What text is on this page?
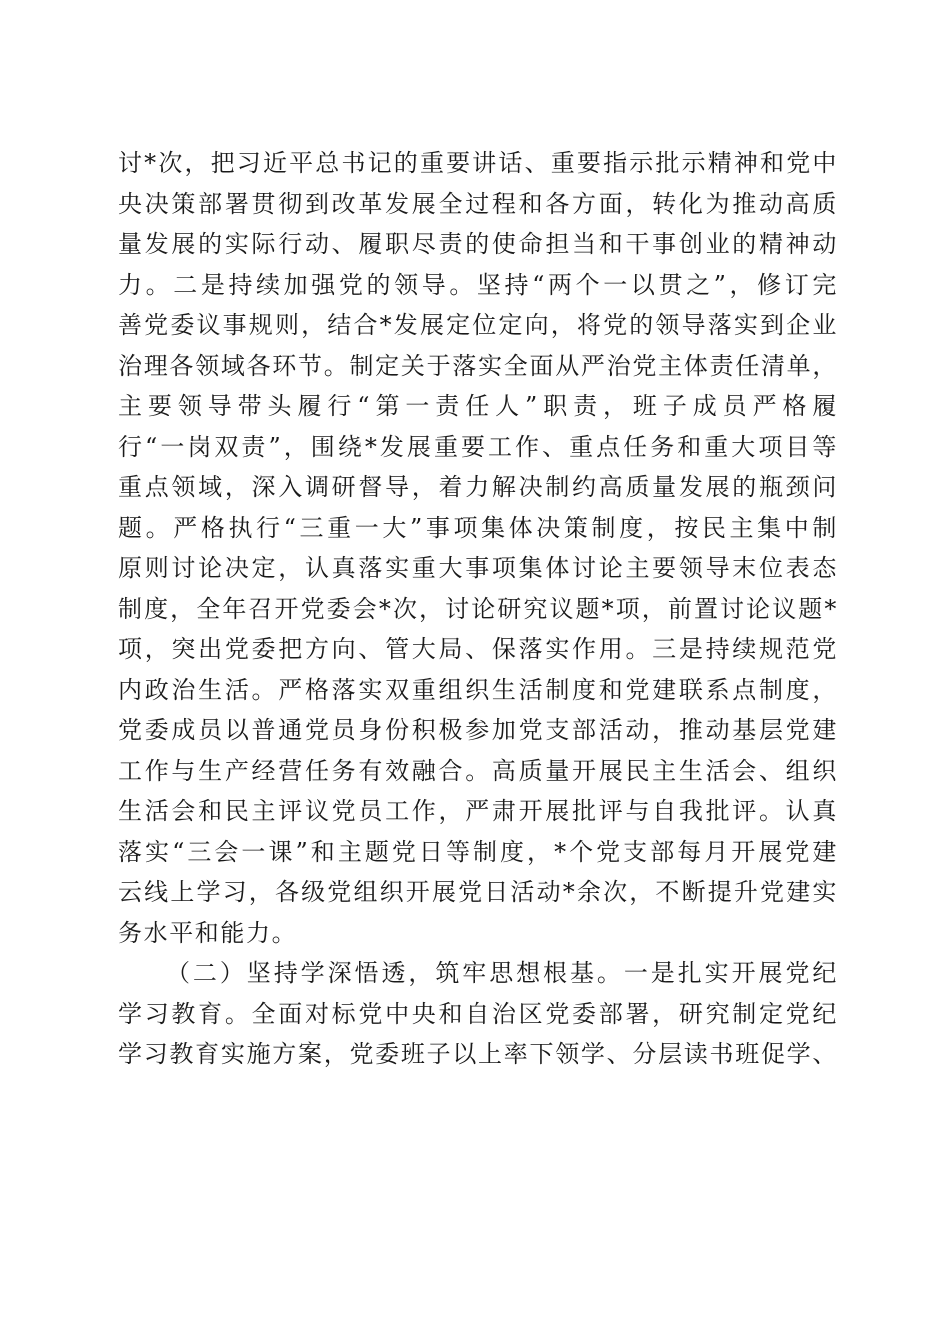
讨*次，把习近平总书记的重要讲话、重要指示批示精神和党中
央决策部署贯彻到改革发展全过程和各方面，转化为推动高质
量发展的实际行动、履职尽责的使命担当和干事创业的精神动
力。二是持续加强党的领导。坚持“两个一以贯之”，修订完
善党委议事规则，结合*发展定位定向，将党的领导落实到企业
治理各领域各环节。制定关于落实全面从严治党主体责任清单，
主要领导带头履行“第一责任人”职责，班子成员严格履
行“一岗双责”，围绕*发展重要工作、重点任务和重大项目等
重点领域，深入调研督导，着力解决制约高质量发展的瓶颈问
题。严格执行“三重一大”事项集体决策制度，按民主集中制
原则讨论决定，认真落实重大事项集体讨论主要领导末位表态
制度，全年召开党委会*次，讨论研究议题*项，前置讨论议题*
项，突出党委把方向、管大局、保落实作用。三是持续规范党
内政治生活。严格落实双重组织生活制度和党建联系点制度，
党委成员以普通党员身份积极参加党支部活动，推动基层党建
工作与生产经营任务有效融合。高质量开展民主生活会、组织
生活会和民主评议党员工作，严肃开展批评与自我批评。认真
落实“三会一课”和主题党日等制度，*个党支部每月开展党建
云线上学习，各级党组织开展党日活动*余次，不断提升党建实
务水平和能力。
（二）坚持学深悟透，筑牢思想根基。一是扎实开展党纪
学习教育。全面对标党中央和自治区党委部署，研究制定党纪
学习教育实施方案，党委班子以上率下领学、分层读书班促学、
